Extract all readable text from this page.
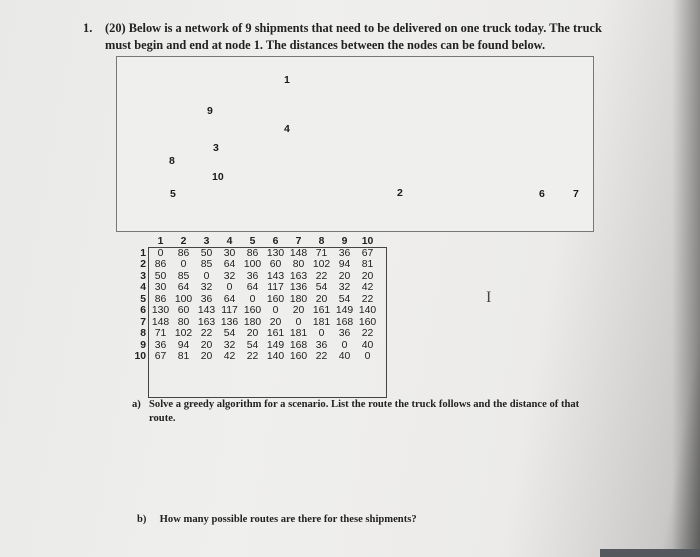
1. (20) Below is a network of 9 shipments that need to be delivered on one truck today. The truck must begin and end at node 1. The distances between the nodes can be found below.
1
9
4
3
8
10
5	2	6	7
	1	2	3	4	5	6	7	8	9	10
1	0	86	50	30	86	130	148	71	36	67
2	86	0	85	64	100	60	80	102	94	81
3	50	85	0	32	36	143	163	22	20	20
4	30	64	32	0	64	117	136	54	32	42
5	86	100	36	64	0	160	180	20	54	22
6	130	60	143	117	160	0	20	161	149	140
7	148	80	163	136	180	20	0	181	168	160
8	71	102	22	54	20	161	181	0	36	22
9	36	94	20	32	54	149	168	36	0	40
10	67	81	20	42	22	140	160	22	40	0
I
a) Solve a greedy algorithm for a scenario. List the route the truck follows and the distance of that route.
b) How many possible routes are there for these shipments?
